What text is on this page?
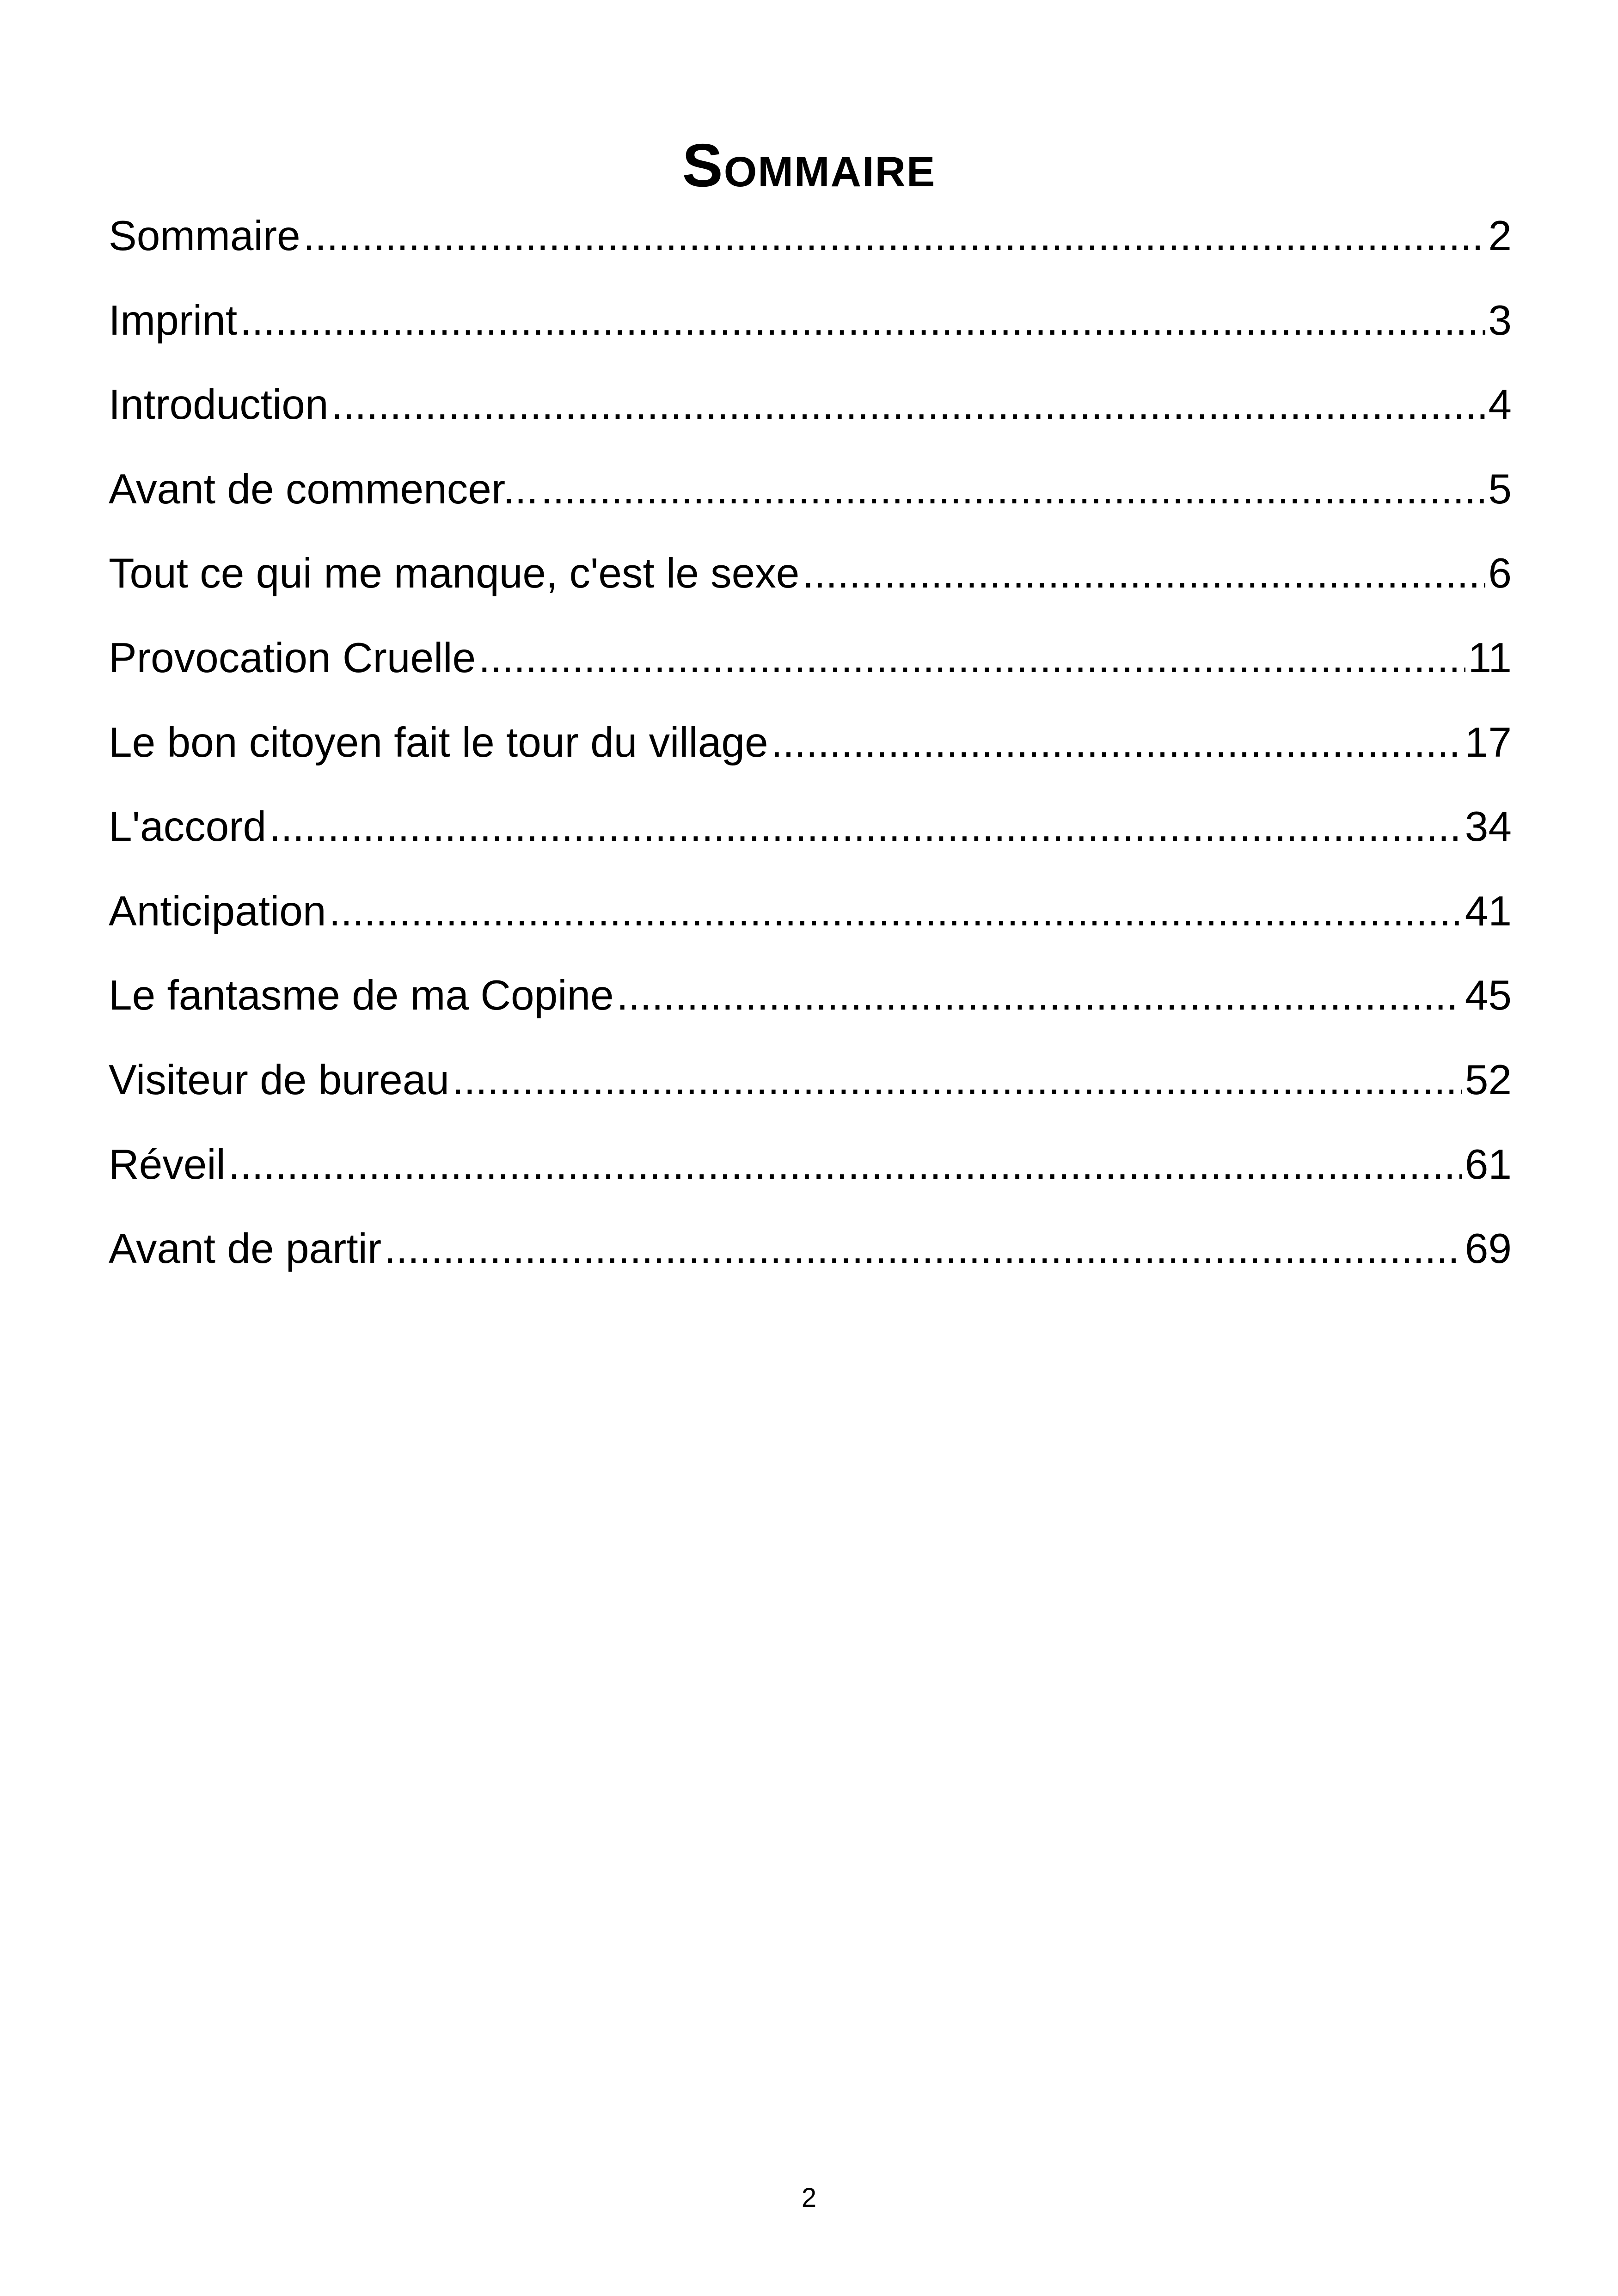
Sommaire
Sommaire .....	2
Imprint .....	3
Introduction .....	4
Avant de commencer... .....	5
Tout ce qui me manque, c'est le sexe .....	6
Provocation Cruelle .....	11
Le bon citoyen fait le tour du village .....	17
L'accord .....	34
Anticipation .....	41
Le fantasme de ma Copine .....	45
Visiteur de bureau .....	52
Réveil .....	61
Avant de partir .....	69
2
